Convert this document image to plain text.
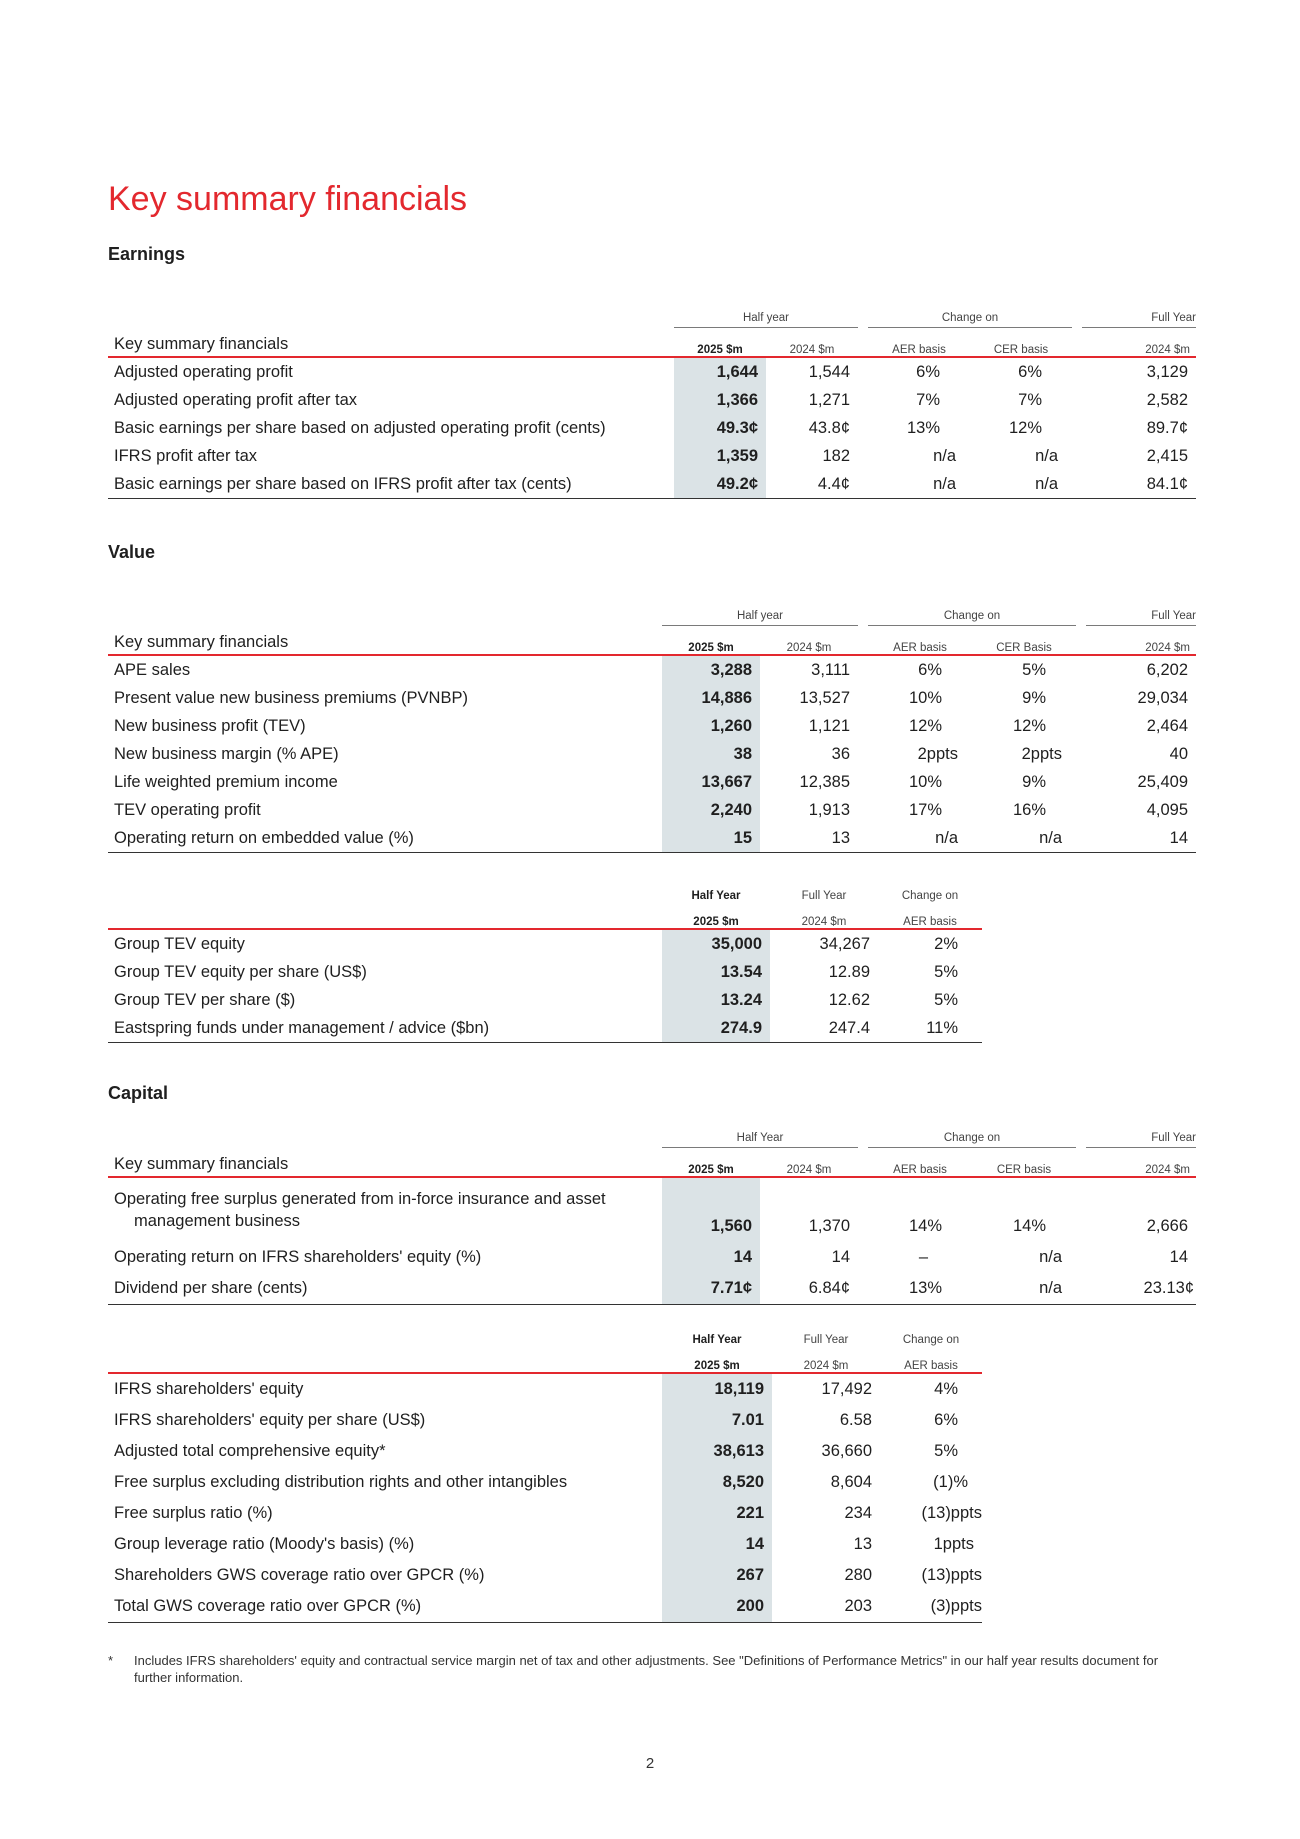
Key summary financials
Earnings

	Half year			Change on			Full Year

Key summary financials	2025 $m	2024 $m		AER basis	CER basis		2024 $m
Adjusted operating profit	1,644	1,544		6%	6%		3,129
Adjusted operating profit after tax	1,366	1,271		7%	7%		2,582
Basic earnings per share based on adjusted operating profit (cents)	49.3¢	43.8¢		13%	12%		89.7¢
IFRS profit after tax	1,359	182		n/a	n/a		2,415
Basic earnings per share based on IFRS profit after tax (cents)	49.2¢	4.4¢		n/a	n/a		84.1¢
Value

	Half year			Change on			Full Year

Key summary financials	2025 $m	2024 $m		AER basis	CER Basis		2024 $m
APE sales	3,288	3,111		6%	5%		6,202
Present value new business premiums (PVNBP)	14,886	13,527		10%	9%		29,034
New business profit (TEV)	1,260	1,121		12%	12%		2,464
New business margin (% APE)	38	36		2ppts	2ppts		40
Life weighted premium income	13,667	12,385		10%	9%		25,409
TEV operating profit	2,240	1,913		17%	16%		4,095
Operating return on embedded value (%)	15	13		n/a	n/a		14
	Half Year	Full Year	Change on
	2025 $m	2024 $m	AER basis
Group TEV equity	35,000	34,267	2%
Group TEV equity per share (US$)	13.54	12.89	5%
Group TEV per share ($)	13.24	12.62	5%
Eastspring funds under management / advice ($bn)	274.9	247.4	11%
Capital

	Half Year			Change on			Full Year

Key summary financials	2025 $m	2024 $m		AER basis	CER basis		2024 $m
Operating free surplus generated from in-force insurance and asset management business	1,560	1,370		14%	14%		2,666
Operating return on IFRS shareholders' equity (%)	14	14		–	n/a		14
Dividend per share (cents)	7.71¢	6.84¢		13%	n/a		23.13¢
	Half Year	Full Year	Change on
	2025 $m	2024 $m	AER basis
IFRS shareholders' equity	18,119	17,492	4%
IFRS shareholders' equity per share (US$)	7.01	6.58	6%
Adjusted total comprehensive equity*	38,613	36,660	5%
Free surplus excluding distribution rights and other intangibles	8,520	8,604	(1)%
Free surplus ratio (%)	221	234	(13)ppts
Group leverage ratio (Moody's basis) (%)	14	13	1ppts
Shareholders GWS coverage ratio over GPCR (%)	267	280	(13)ppts
Total GWS coverage ratio over GPCR (%)	200	203	(3)ppts
* Includes IFRS shareholders' equity and contractual service margin net of tax and other adjustments. See "Definitions of Performance Metrics" in our half year results document for further information.
2
